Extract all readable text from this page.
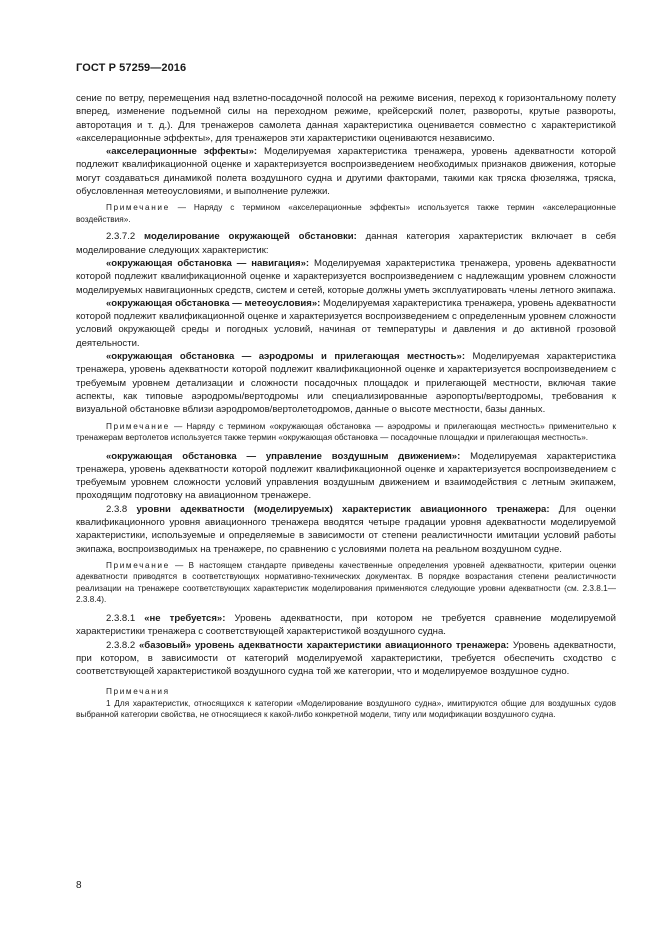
ГОСТ Р 57259—2016

сение по ветру, перемещения над взлетно-посадочной полосой на режиме висения, переход к горизонтальному полету вперед, изменение подъемной силы на переходном режиме, крейсерский полет, развороты, крутые развороты, авторотация и т. д.). Для тренажеров самолета данная характеристика оценивается совместно с характеристикой «акселерационные эффекты», для тренажеров эти характеристики оцениваются независимо.

«акселерационные эффекты»: Моделируемая характеристика тренажера, уровень адекватности которой подлежит квалификационной оценке и характеризуется воспроизведением необходимых признаков движения, которые могут создаваться динамикой полета воздушного судна и другими факторами, такими как тряска фюзеляжа, тряска, обусловленная метеоусловиями, и выполнение рулежки.

Примечание — Наряду с термином «акселерационные эффекты» используется также термин «акселерационные воздействия».

2.3.7.2 моделирование окружающей обстановки: данная категория характеристик включает в себя моделирование следующих характеристик:

«окружающая обстановка — навигация»: Моделируемая характеристика тренажера, уровень адекватности которой подлежит квалификационной оценке и характеризуется воспроизведением с надлежащим уровнем сложности моделируемых навигационных средств, систем и сетей, которые должны уметь эксплуатировать члены летного экипажа.

«окружающая обстановка — метеоусловия»: Моделируемая характеристика тренажера, уровень адекватности которой подлежит квалификационной оценке и характеризуется воспроизведением с определенным уровнем сложности условий окружающей среды и погодных условий, начиная от температуры и давления и до активной грозовой деятельности.

«окружающая обстановка — аэродромы и прилегающая местность»: Моделируемая характеристика тренажера, уровень адекватности которой подлежит квалификационной оценке и характеризуется воспроизведением с требуемым уровнем детализации и сложности посадочных площадок и прилегающей местности, включая такие аспекты, как типовые аэродромы/вертодромы или специализированные аэропорты/вертодромы, требования к визуальной обстановке вблизи аэродромов/вертолетодромов, данные о высоте местности, базы данных.

Примечание — Наряду с термином «окружающая обстановка — аэродромы и прилегающая местность» применительно к тренажерам вертолетов используется также термин «окружающая обстановка — посадочные площадки и прилегающая местность».

«окружающая обстановка — управление воздушным движением»: Моделируемая характеристика тренажера, уровень адекватности которой подлежит квалификационной оценке и характеризуется воспроизведением с требуемым уровнем сложности условий управления воздушным движением и взаимодействия с летным экипажем, проходящим подготовку на авиационном тренажере.

2.3.8 уровни адекватности (моделируемых) характеристик авиационного тренажера: Для оценки квалификационного уровня авиационного тренажера вводятся четыре градации уровня адекватности моделируемой характеристики, используемые и определяемые в зависимости от степени реалистичности имитации условий работы экипажа, воспроизводимых на тренажере, по сравнению с условиями полета на реальном воздушном судне.

Примечание — В настоящем стандарте приведены качественные определения уровней адекватности, критерии оценки адекватности приводятся в соответствующих нормативно-технических документах. В порядке возрастания степени реалистичности реализации на тренажере соответствующих характеристик моделирования применяются следующие уровни адекватности (см. 2.3.8.1—2.3.8.4).

2.3.8.1 «не требуется»: Уровень адекватности, при котором не требуется сравнение моделируемой характеристики тренажера с соответствующей характеристикой воздушного судна.

2.3.8.2 «базовый» уровень адекватности характеристики авиационного тренажера: Уровень адекватности, при котором, в зависимости от категорий моделируемой характеристики, требуется обеспечить сходство с соответствующей характеристикой воздушного судна той же категории, что и моделируемое воздушное судно.

Примечания

1 Для характеристик, относящихся к категории «Моделирование воздушного судна», имитируются общие для воздушных судов выбранной категории свойства, не относящиеся к какой-либо конкретной модели, типу или модификации воздушного судна.

8
